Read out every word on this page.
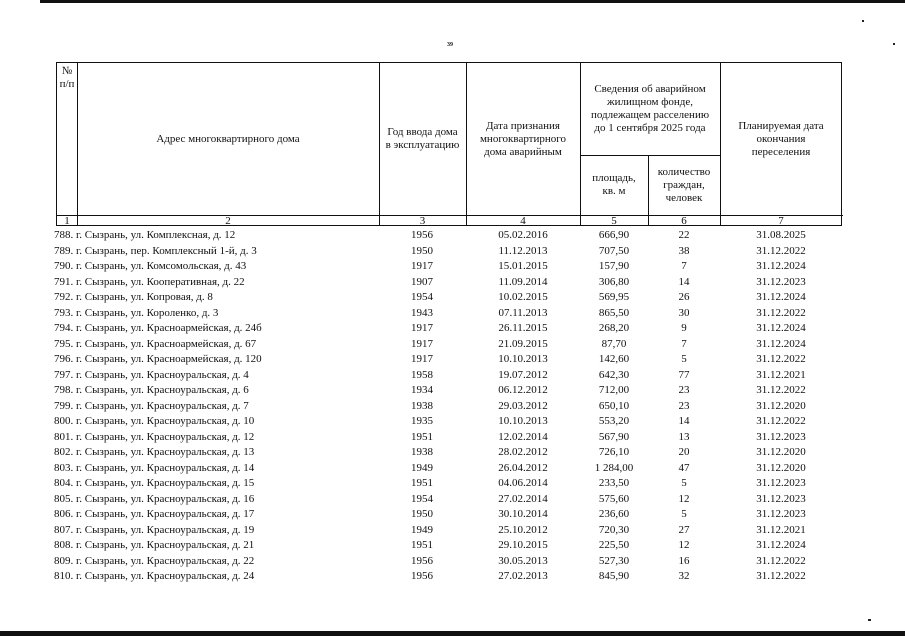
39
№
п/п
Адрес многоквартирного дома
Год ввода дома
в эксплуатацию
Дата признания
многоквартирного
дома аварийным
Сведения об аварийном
жилищном фонде,
подлежащем расселению
до 1 сентября 2025 года
площадь,
кв. м
количество
граждан,
человек
Планируемая дата
окончания
переселения
1	2	3	4	5	6	7
788. г. Сызрань, ул. Комплексная, д. 12	1956	05.02.2016	666,90	22	31.08.2025
789. г. Сызрань, пер. Комплексный 1-й, д. 3	1950	11.12.2013	707,50	38	31.12.2022
790. г. Сызрань, ул. Комсомольская, д. 43	1917	15.01.2015	157,90	7	31.12.2024
791. г. Сызрань, ул. Кооперативная, д. 22	1907	11.09.2014	306,80	14	31.12.2023
792. г. Сызрань, ул. Копровая, д. 8	1954	10.02.2015	569,95	26	31.12.2024
793. г. Сызрань, ул. Короленко, д. 3	1943	07.11.2013	865,50	30	31.12.2022
794. г. Сызрань, ул. Красноармейская, д. 24б	1917	26.11.2015	268,20	9	31.12.2024
795. г. Сызрань, ул. Красноармейская, д. 67	1917	21.09.2015	87,70	7	31.12.2024
796. г. Сызрань, ул. Красноармейская, д. 120	1917	10.10.2013	142,60	5	31.12.2022
797. г. Сызрань, ул. Красноуральская, д. 4	1958	19.07.2012	642,30	77	31.12.2021
798. г. Сызрань, ул. Красноуральская, д. 6	1934	06.12.2012	712,00	23	31.12.2022
799. г. Сызрань, ул. Красноуральская, д. 7	1938	29.03.2012	650,10	23	31.12.2020
800. г. Сызрань, ул. Красноуральская, д. 10	1935	10.10.2013	553,20	14	31.12.2022
801. г. Сызрань, ул. Красноуральская, д. 12	1951	12.02.2014	567,90	13	31.12.2023
802. г. Сызрань, ул. Красноуральская, д. 13	1938	28.02.2012	726,10	20	31.12.2020
803. г. Сызрань, ул. Красноуральская, д. 14	1949	26.04.2012	1 284,00	47	31.12.2020
804. г. Сызрань, ул. Красноуральская, д. 15	1951	04.06.2014	233,50	5	31.12.2023
805. г. Сызрань, ул. Красноуральская, д. 16	1954	27.02.2014	575,60	12	31.12.2023
806. г. Сызрань, ул. Красноуральская, д. 17	1950	30.10.2014	236,60	5	31.12.2023
807. г. Сызрань, ул. Красноуральская, д. 19	1949	25.10.2012	720,30	27	31.12.2021
808. г. Сызрань, ул. Красноуральская, д. 21	1951	29.10.2015	225,50	12	31.12.2024
809. г. Сызрань, ул. Красноуральская, д. 22	1956	30.05.2013	527,30	16	31.12.2022
810. г. Сызрань, ул. Красноуральская, д. 24	1956	27.02.2013	845,90	32	31.12.2022
